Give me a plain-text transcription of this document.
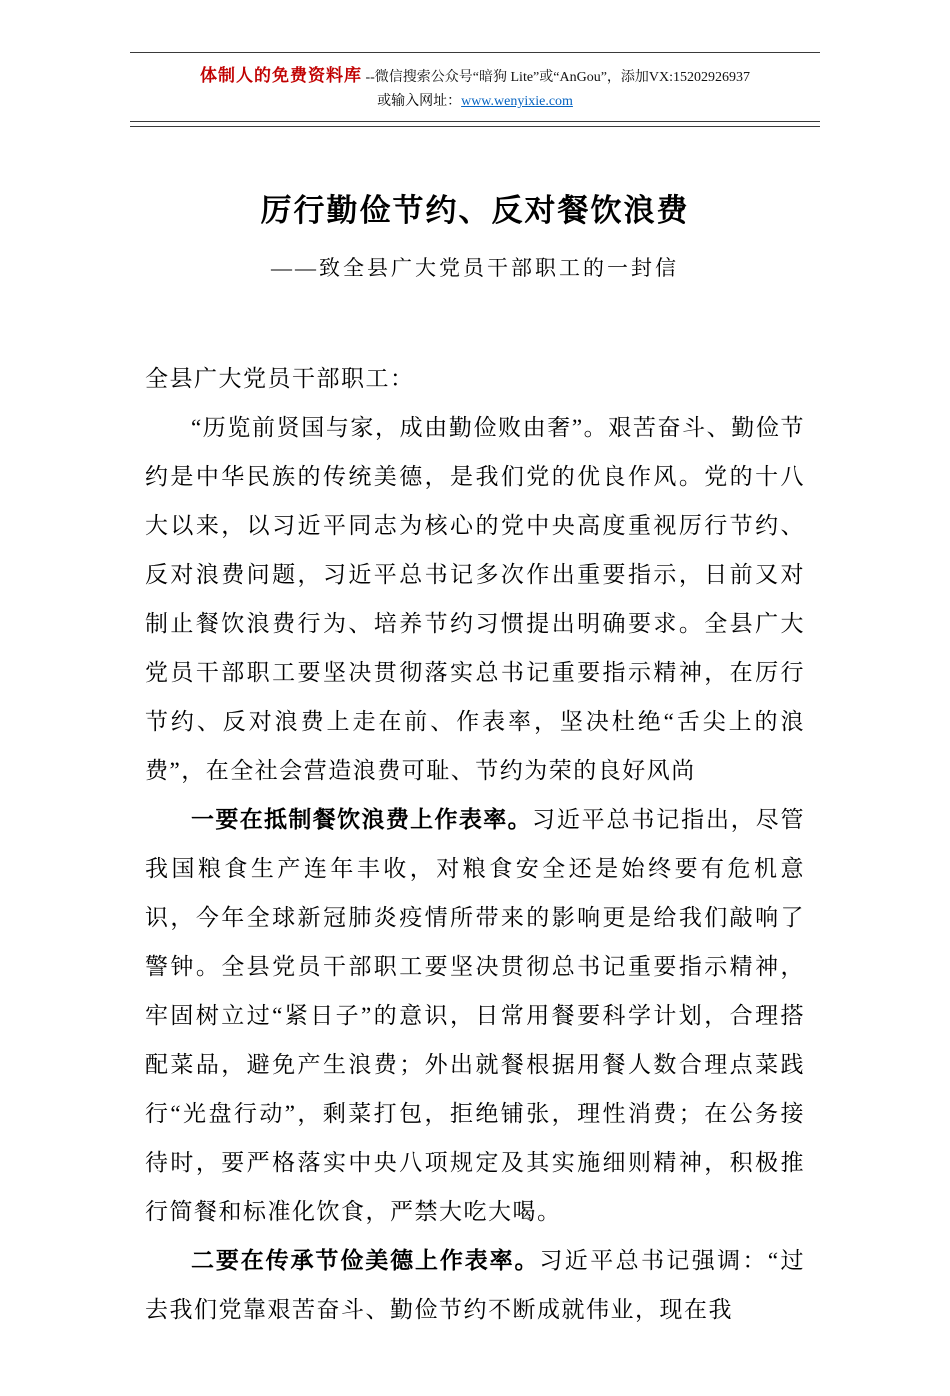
体制人的免费资料库 --微信搜索公众号“暗狗 Lite”或“AnGou”，添加VX:15202926937
或输入网址：www.wenyixie.com
厉行勤俭节约、反对餐饮浪费
——致全县广大党员干部职工的一封信

全县广大党员干部职工：

“历览前贤国与家，成由勤俭败由奢”。艰苦奋斗、勤俭节约是中华民族的传统美德，是我们党的优良作风。党的十八大以来，以习近平同志为核心的党中央高度重视厉行节约、反对浪费问题，习近平总书记多次作出重要指示，日前又对制止餐饮浪费行为、培养节约习惯提出明确要求。全县广大党员干部职工要坚决贯彻落实总书记重要指示精神，在厉行节约、反对浪费上走在前、作表率，坚决杜绝“舌尖上的浪费”，在全社会营造浪费可耻、节约为荣的良好风尚

一要在抵制餐饮浪费上作表率。习近平总书记指出，尽管我国粮食生产连年丰收，对粮食安全还是始终要有危机意识，今年全球新冠肺炎疫情所带来的影响更是给我们敲响了警钟。全县党员干部职工要坚决贯彻总书记重要指示精神，牢固树立过“紧日子”的意识，日常用餐要科学计划，合理搭配菜品，避免产生浪费；外出就餐根据用餐人数合理点菜践行“光盘行动”，剩菜打包，拒绝铺张，理性消费；在公务接待时，要严格落实中央八项规定及其实施细则精神，积极推行简餐和标准化饮食，严禁大吃大喝。

二要在传承节俭美德上作表率。习近平总书记强调：“过去我们党靠艰苦奋斗、勤俭节约不断成就伟业，现在我
